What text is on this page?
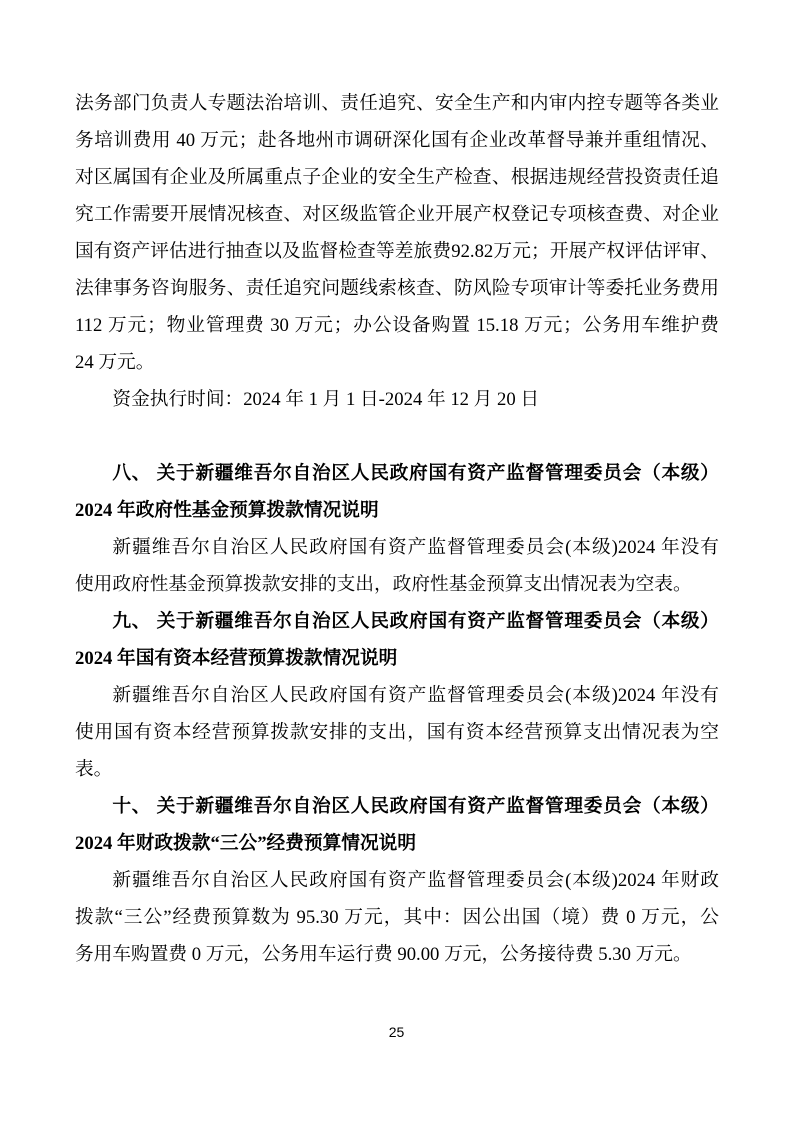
法务部门负责人专题法治培训、责任追究、安全生产和内审内控专题等各类业
务培训费用 40 万元；赴各地州市调研深化国有企业改革督导兼并重组情况、
对区属国有企业及所属重点子企业的安全生产检查、根据违规经营投资责任追
究工作需要开展情况核查、对区级监管企业开展产权登记专项核查费、对企业
国有资产评估进行抽查以及监督检查等差旅费92.82万元；开展产权评估评审、
法律事务咨询服务、责任追究问题线索核查、防风险专项审计等委托业务费用
112 万元；物业管理费 30 万元；办公设备购置 15.18 万元；公务用车维护费
24 万元。
资金执行时间：2024 年 1 月 1 日-2024 年 12 月 20 日
八、 关于新疆维吾尔自治区人民政府国有资产监督管理委员会（本级）
2024 年政府性基金预算拨款情况说明
新疆维吾尔自治区人民政府国有资产监督管理委员会(本级)2024 年没有
使用政府性基金预算拨款安排的支出，政府性基金预算支出情况表为空表。
九、 关于新疆维吾尔自治区人民政府国有资产监督管理委员会（本级）
2024 年国有资本经营预算拨款情况说明
新疆维吾尔自治区人民政府国有资产监督管理委员会(本级)2024 年没有
使用国有资本经营预算拨款安排的支出，国有资本经营预算支出情况表为空
表。
十、 关于新疆维吾尔自治区人民政府国有资产监督管理委员会（本级）
2024 年财政拨款“三公”经费预算情况说明
新疆维吾尔自治区人民政府国有资产监督管理委员会(本级)2024 年财政
拨款“三公”经费预算数为 95.30 万元，其中：因公出国（境）费 0 万元，公
务用车购置费 0 万元，公务用车运行费 90.00 万元，公务接待费 5.30 万元。
25
